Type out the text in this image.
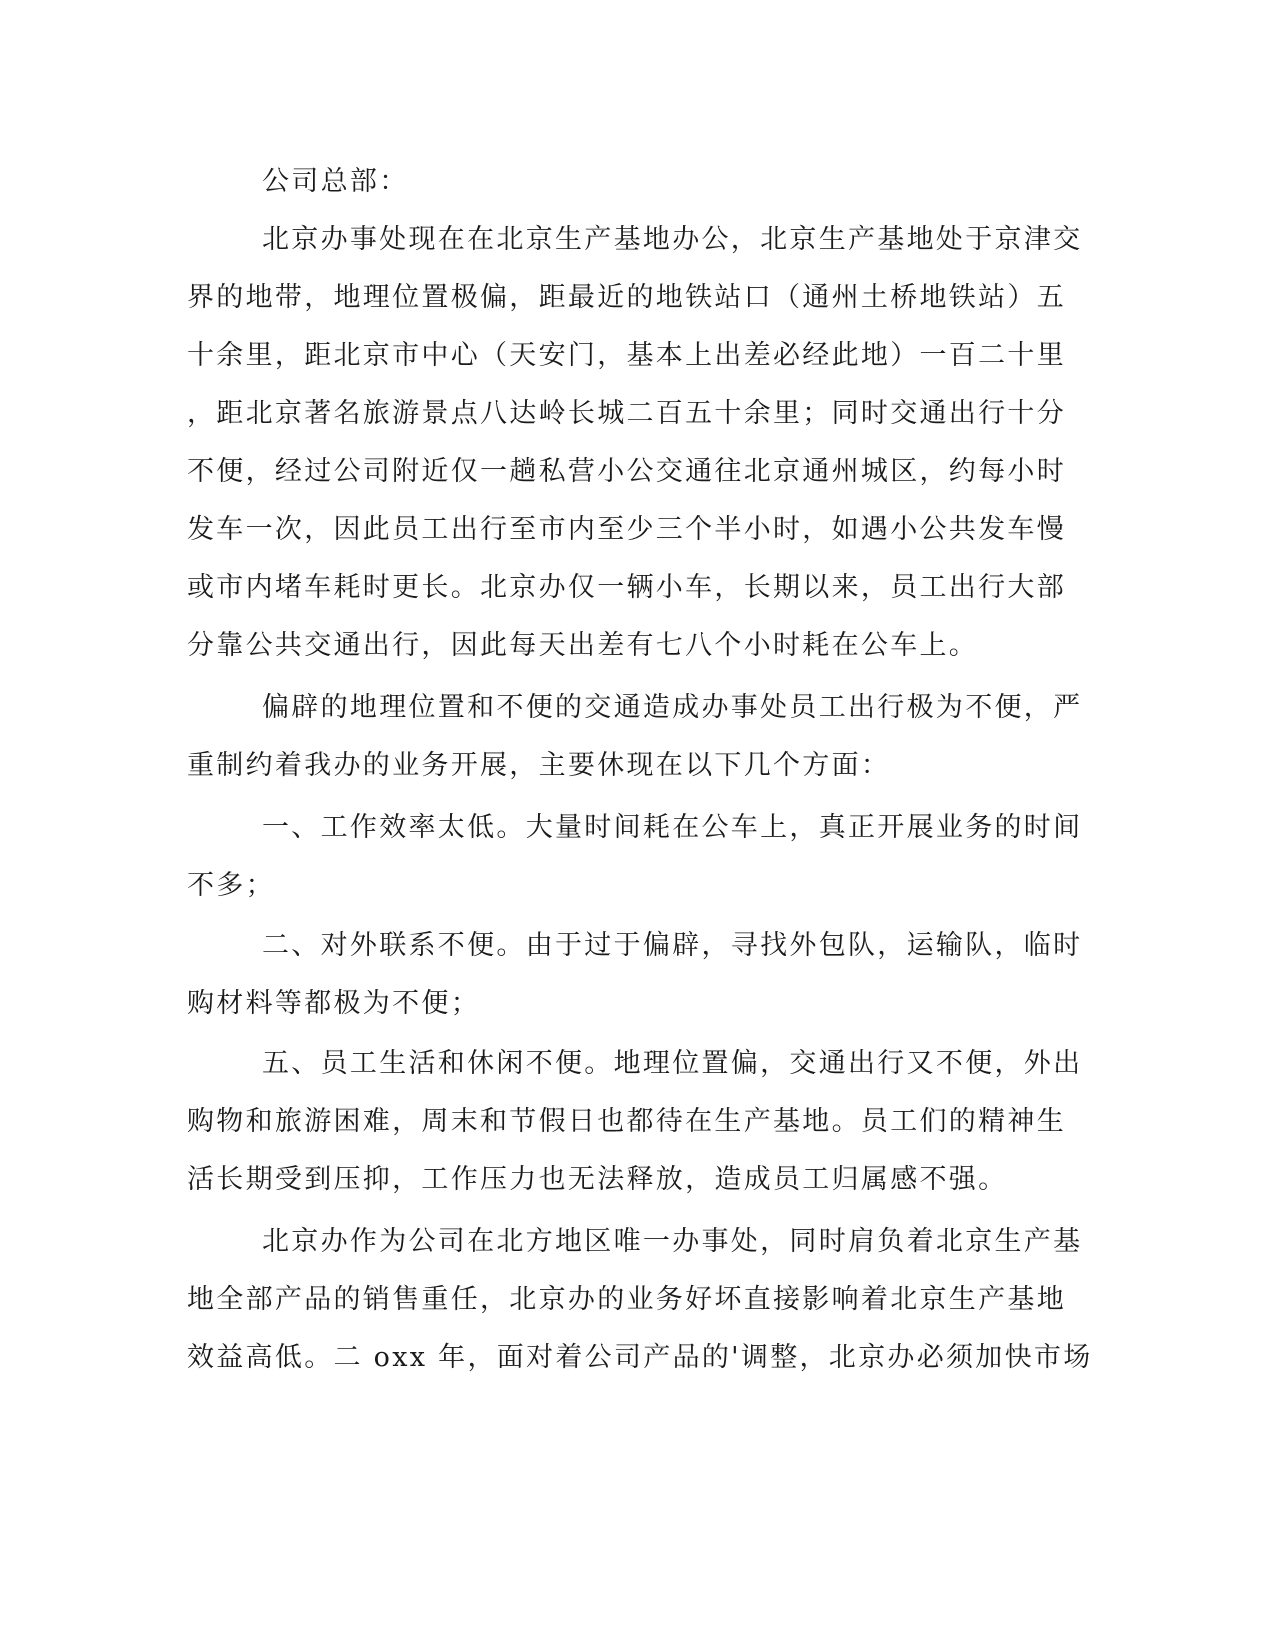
公司总部：

北京办事处现在在北京生产基地办公，北京生产基地处于京津交

界的地带，地理位置极偏，距最近的地铁站口（通州土桥地铁站）五

十余里，距北京市中心（天安门，基本上出差必经此地）一百二十里

，距北京著名旅游景点八达岭长城二百五十余里；同时交通出行十分

不便，经过公司附近仅一趟私营小公交通往北京通州城区，约每小时

发车一次，因此员工出行至市内至少三个半小时，如遇小公共发车慢

或市内堵车耗时更长。北京办仅一辆小车，长期以来，员工出行大部

分靠公共交通出行，因此每天出差有七八个小时耗在公车上。

偏辟的地理位置和不便的交通造成办事处员工出行极为不便，严

重制约着我办的业务开展，主要休现在以下几个方面：

一、工作效率太低。大量时间耗在公车上，真正开展业务的时间

不多；

二、对外联系不便。由于过于偏辟，寻找外包队，运输队，临时

购材料等都极为不便；

五、员工生活和休闲不便。地理位置偏，交通出行又不便，外出

购物和旅游困难，周末和节假日也都待在生产基地。员工们的精神生

活长期受到压抑，工作压力也无法释放，造成员工归属感不强。

北京办作为公司在北方地区唯一办事处，同时肩负着北京生产基

地全部产品的销售重任，北京办的业务好坏直接影响着北京生产基地

效益高低。二 oxx 年，面对着公司产品的'调整，北京办必须加快市场
